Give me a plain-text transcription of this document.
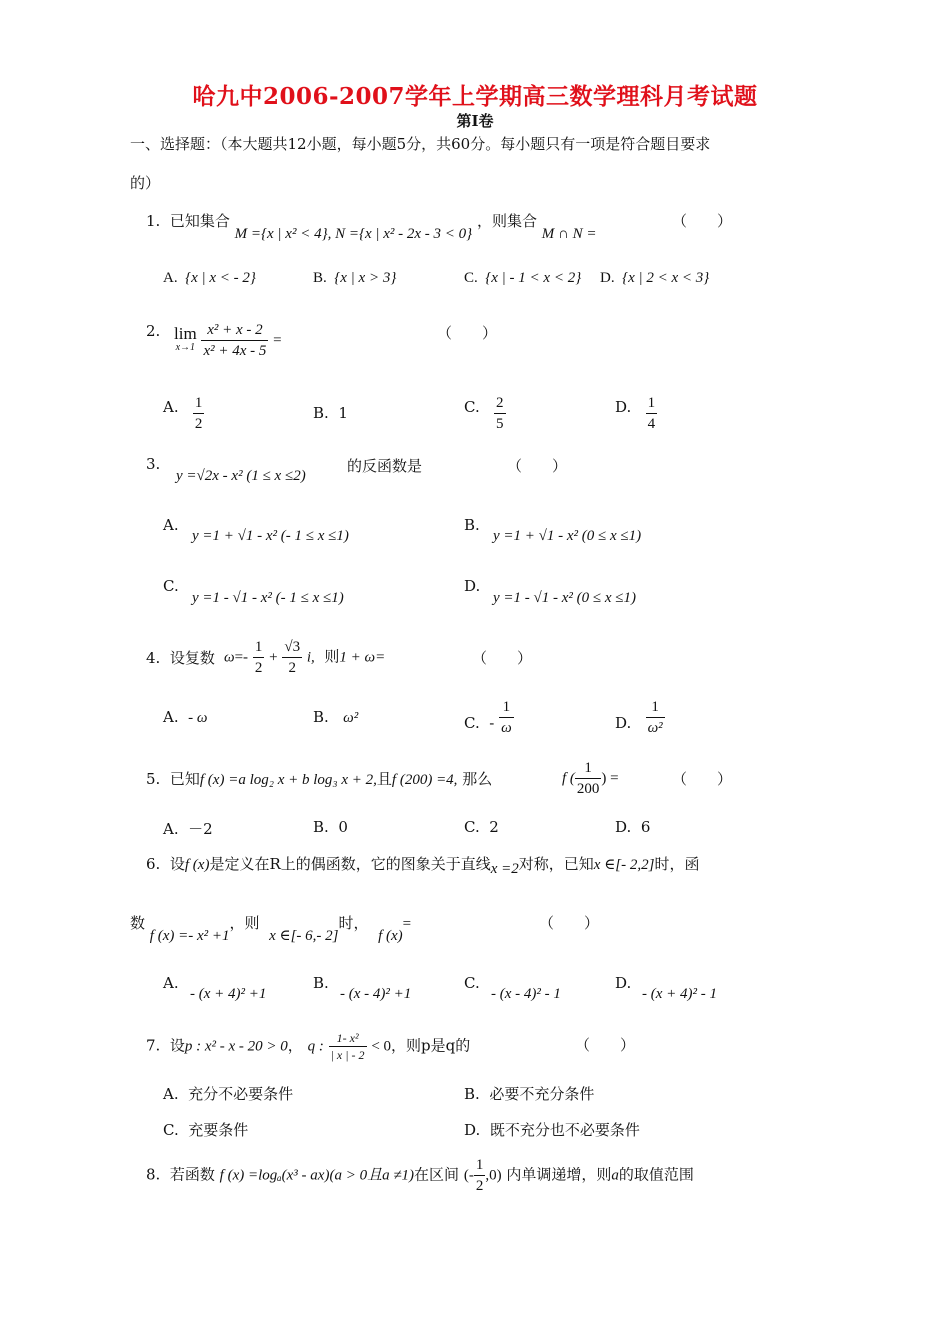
哈九中2006-2007学年上学期高三数学理科月考试题
第Ⅰ卷
一、选择题：（本大题共12小题，每小题5分，共60分。每小题只有一项是符合题目要求
的）
1. 已知集合 M ={x | x² < 4}, N ={x | x² - 2x - 3 < 0} ，则集合 M ∩ N =
（　　）
A. {x | x < - 2}	B. {x | x > 3}	C. {x | - 1 < x < 2} D. {x | 2 < x < 3}
2. lim
x→1
$\frac{\text{x² + x - 2}}{\text{x² + 4x - 5}}$ =	（　　）
A. $\frac{1}{2}$	B. 1	C. $\frac{2}{5}$	D. $\frac{1}{4}$
3.
y =√2x - x² (1 ≤ x ≤2)
的反函数是	（　　）
A.
y =1 + √1 - x² (- 1 ≤ x ≤1)
B.
y =1 + √1 - x² (0 ≤ x ≤1)
C.
y =1 - √1 - x² (- 1 ≤ x ≤1)
D.
y =1 - √1 - x² (0 ≤ x ≤1)
4. 设复数 $\omega=- \frac{1}{2} + \frac{√3}{2} i$, 则1 + ω=	（　　）
A. - ω	B. ω²	C. - $\frac{1}{\omega}$	D. $\frac{1}{\text{ω²}}$
5. 已知f (x) =a log₂ x + b log₃ x + 2,且f (200) =4, 那么	f ( $\frac{1}{200}$ ) =	（　　）
A. －2	B. 0	C. 2	D. 6
6. 设f (x)是定义在R上的偶函数，它的图象关于直线x =2对称，已知x ∈[- 2,2]时，函
数 f (x) =- x² +1，则  x ∈[- 6,- 2]时，  f (x)=	（　　）
A.
- (x + 4)² +1
B.
- (x - 4)² +1
C.
- (x - 4)² - 1
D.
- (x + 4)² - 1
7. 设p : x² - x - 20 > 0， q : $\frac{\text{1- x²}}{| x | - 2} < 0$，则p是q的	（　　）
A. 充分不必要条件	B. 必要不充分条件
C. 充要条件	D. 既不充分也不必要条件
8. 若函数 f (x) =logₐ(x³ - ax)(a > 0且a ≠1)在区间 (- $\frac{1}{2} ,0$) 内单调递增，则a的取值范围
